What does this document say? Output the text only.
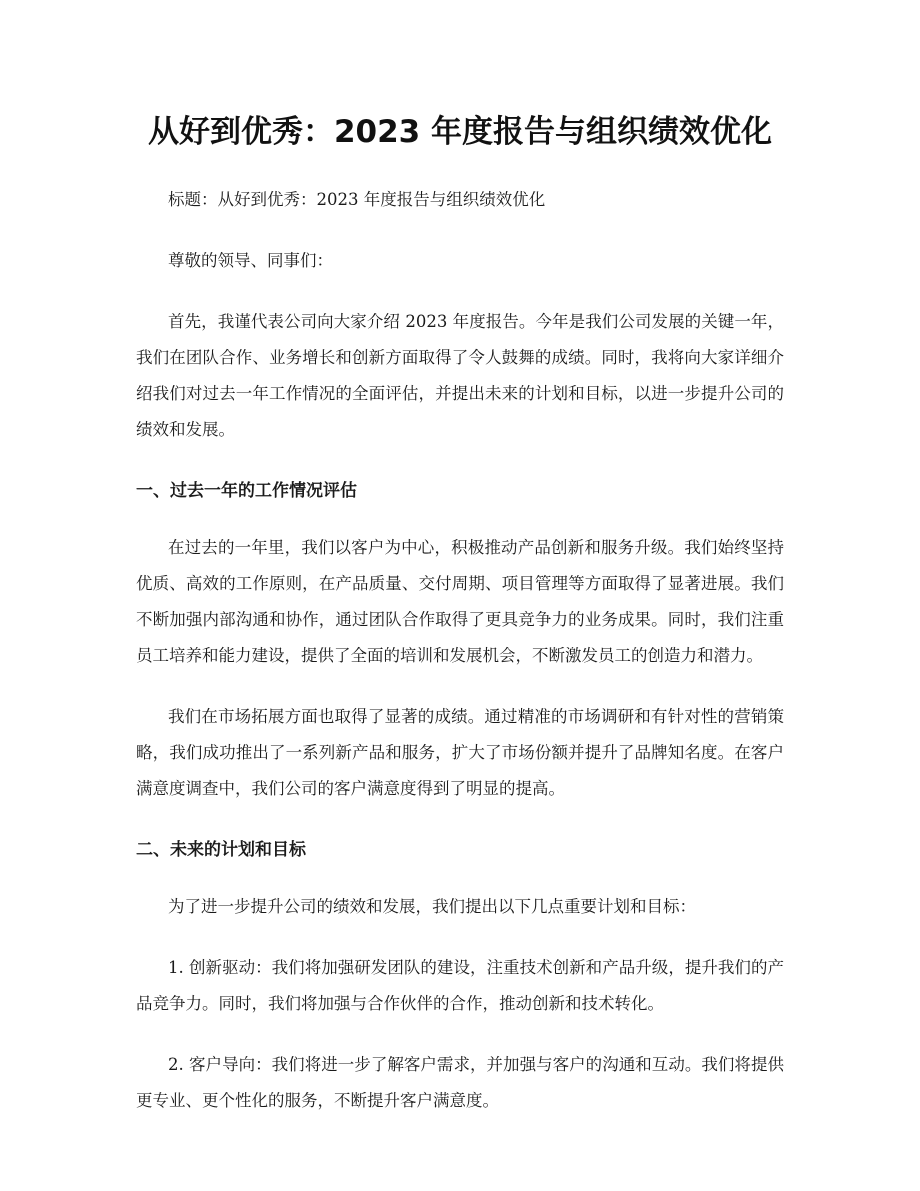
从好到优秀：2023 年度报告与组织绩效优化

标题：从好到优秀：2023 年度报告与组织绩效优化

尊敬的领导、同事们：

首先，我谨代表公司向大家介绍 2023 年度报告。今年是我们公司发展的关键一年，我们在团队合作、业务增长和创新方面取得了令人鼓舞的成绩。同时，我将向大家详细介绍我们对过去一年工作情况的全面评估，并提出未来的计划和目标，以进一步提升公司的绩效和发展。

一、过去一年的工作情况评估

在过去的一年里，我们以客户为中心，积极推动产品创新和服务升级。我们始终坚持优质、高效的工作原则，在产品质量、交付周期、项目管理等方面取得了显著进展。我们不断加强内部沟通和协作，通过团队合作取得了更具竞争力的业务成果。同时，我们注重员工培养和能力建设，提供了全面的培训和发展机会，不断激发员工的创造力和潜力。

我们在市场拓展方面也取得了显著的成绩。通过精准的市场调研和有针对性的营销策略，我们成功推出了一系列新产品和服务，扩大了市场份额并提升了品牌知名度。在客户满意度调查中，我们公司的客户满意度得到了明显的提高。

二、未来的计划和目标

为了进一步提升公司的绩效和发展，我们提出以下几点重要计划和目标：

1. 创新驱动：我们将加强研发团队的建设，注重技术创新和产品升级，提升我们的产品竞争力。同时，我们将加强与合作伙伴的合作，推动创新和技术转化。

2. 客户导向：我们将进一步了解客户需求，并加强与客户的沟通和互动。我们将提供更专业、更个性化的服务，不断提升客户满意度。
